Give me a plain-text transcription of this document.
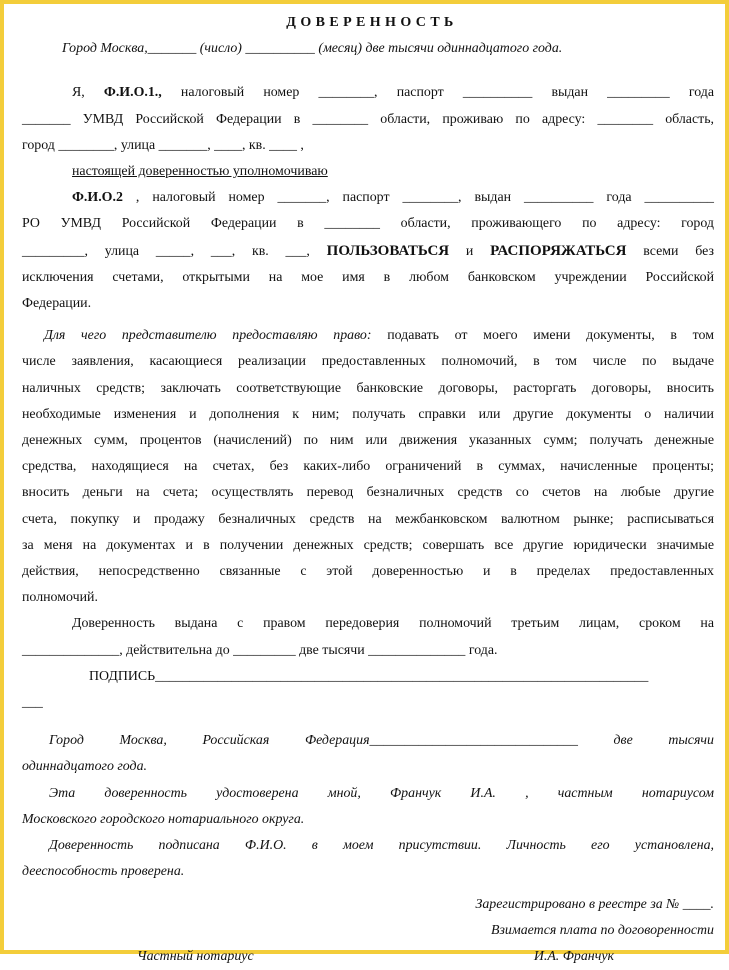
ДОВЕРЕННОСТЬ

Город Москва,_______ (число) __________ (месяц) две тысячи одиннадцатого года.

Я, Ф.И.О.1., налоговый номер ________, паспорт __________ выдан _________ года

_______ УМВД Российской Федерации в ________ области, проживаю по адресу: ________ область,

город ________, улица _______, ____, кв. ____ ,

настоящей доверенностью уполномочиваю

Ф.И.О.2 , налоговый номер _______, паспорт ________, выдан __________ года __________

РО УМВД Российской Федерации в ________ области, проживающего по адресу: город

_________, улица _____, ___, кв. ___, ПОЛЬЗОВАТЬСЯ и РАСПОРЯЖАТЬСЯ всеми без

исключения счетами, открытыми на мое имя в любом банковском учреждении Российской

Федерации.

Для чего представителю предоставляю право: подавать от моего имени документы, в том

числе заявления, касающиеся реализации предоставленных полномочий, в том числе по выдаче

наличных средств; заключать соответствующие банковские договоры, расторгать договоры, вносить

необходимые изменения и дополнения к ним; получать справки или другие документы о наличии

денежных сумм, процентов (начислений) по ним или движения указанных сумм; получать денежные

средства, находящиеся на счетах, без каких-либо ограничений в суммах, начисленные проценты;

вносить деньги на счета; осуществлять перевод безналичных средств со счетов на любые другие

счета, покупку и продажу безналичных средств на межбанковском валютном рынке; расписываться

за меня на документах и в получении денежных средств; совершать все другие юридически значимые

действия, непосредственно связанные с этой доверенностью и в пределах предоставленных

полномочий.

Доверенность выдана с правом передоверия полномочий третьим лицам, сроком на

______________, действительна до _________ две тысячи ______________ года.

ПОДПИСЬ_______________________________________________________________________

___

Город Москва, Российская Федерация______________________________ две тысячи

одиннадцатого года.

Эта доверенность удостоверена мной, Франчук И.А. , частным нотариусом

Московского городского нотариального округа.

Доверенность подписана Ф.И.О. в моем присутствии. Личность его установлена,

дееспособность проверена.

Зарегистрировано в реестре за № ____.

Взимается плата по договоренности

Частный нотариус	И.А. Франчук
